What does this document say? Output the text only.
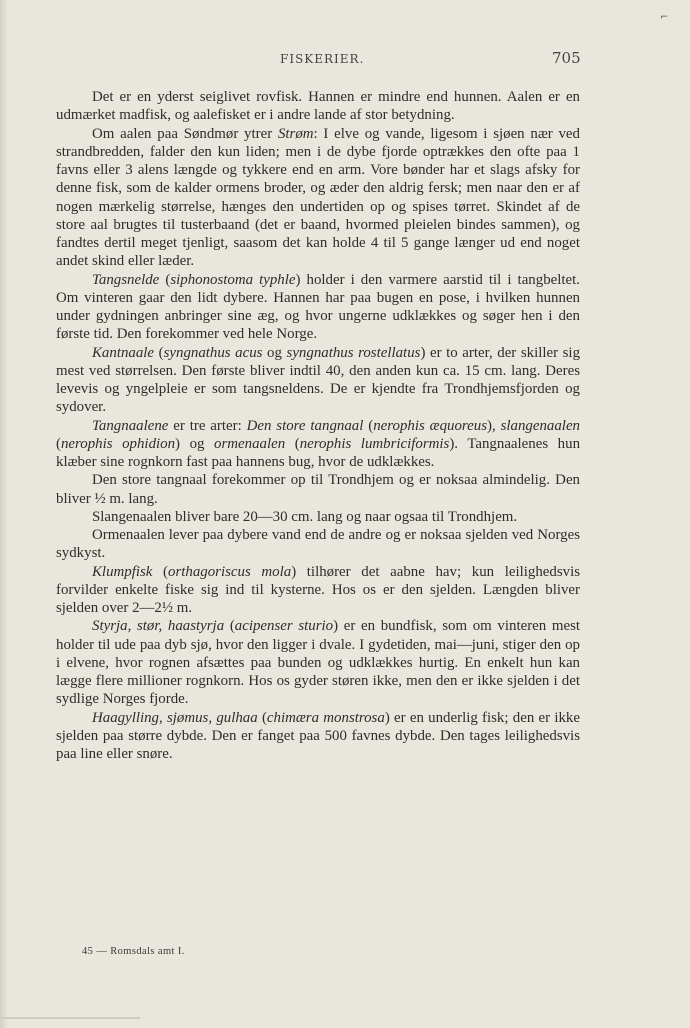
⌐
FISKERIER.	705

Det er en yderst seiglivet rovfisk. Hannen er mindre end hunnen. Aalen er en udmærket madfisk, og aalefisket er i andre lande af stor betydning.

Om aalen paa Søndmør ytrer Strøm: I elve og vande, ligesom i sjøen nær ved strandbredden, falder den kun liden; men i de dybe fjorde optrækkes den ofte paa 1 favns eller 3 alens længde og tykkere end en arm. Vore bønder har et slags afsky for denne fisk, som de kalder ormens broder, og æder den aldrig fersk; men naar den er af nogen mærkelig størrelse, hænges den undertiden op og spises tørret. Skindet af de store aal brugtes til tusterbaand (det er baand, hvormed pleielen bindes sammen), og fandtes dertil meget tjenligt, saasom det kan holde 4 til 5 gange længer ud end noget andet skind eller læder.

Tangsnelde (siphonostoma typhle) holder i den varmere aarstid til i tangbeltet. Om vinteren gaar den lidt dybere. Hannen har paa bugen en pose, i hvilken hunnen under gydningen anbringer sine æg, og hvor ungerne udklækkes og søger hen i den første tid. Den forekommer ved hele Norge.

Kantnaale (syngnathus acus og syngnathus rostellatus) er to arter, der skiller sig mest ved størrelsen. Den første bliver indtil 40, den anden kun ca. 15 cm. lang. Deres levevis og yngelpleie er som tangsneldens. De er kjendte fra Trondhjemsfjorden og sydover.

Tangnaalene er tre arter: Den store tangnaal (nerophis æquoreus), slangenaalen (nerophis ophidion) og ormenaalen (nerophis lumbriciformis). Tangnaalenes hun klæber sine rognkorn fast paa hannens bug, hvor de udklækkes.

Den store tangnaal forekommer op til Trondhjem og er noksaa almindelig. Den bliver ½ m. lang.

Slangenaalen bliver bare 20—30 cm. lang og naar ogsaa til Trondhjem.

Ormenaalen lever paa dybere vand end de andre og er noksaa sjelden ved Norges sydkyst.

Klumpfisk (orthagoriscus mola) tilhører det aabne hav; kun leilighedsvis forvilder enkelte fiske sig ind til kysterne. Hos os er den sjelden. Længden bliver sjelden over 2—2½ m.

Styrja, stør, haastyrja (acipenser sturio) er en bundfisk, som om vinteren mest holder til ude paa dyb sjø, hvor den ligger i dvale. I gydetiden, mai—juni, stiger den op i elvene, hvor rognen afsættes paa bunden og udklækkes hurtig. En enkelt hun kan lægge flere millioner rognkorn. Hos os gyder støren ikke, men den er ikke sjelden i det sydlige Norges fjorde.

Haagylling, sjømus, gulhaa (chimæra monstrosa) er en underlig fisk; den er ikke sjelden paa større dybde. Den er fanget paa 500 favnes dybde. Den tages leilighedsvis paa line eller snøre.

45 — Romsdals amt I.
